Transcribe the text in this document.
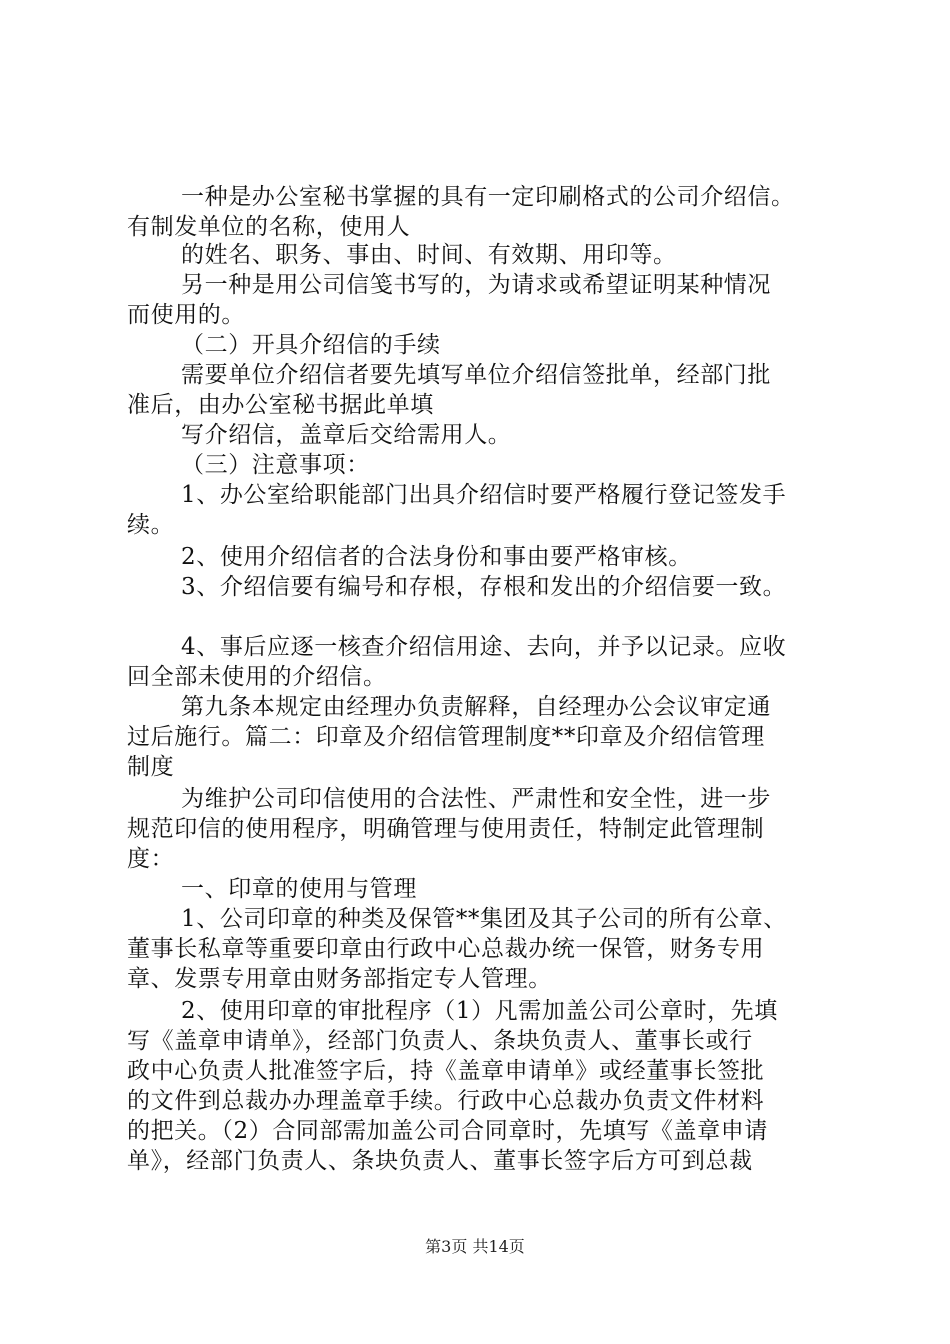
一种是办公室秘书掌握的具有一定印刷格式的公司介绍信。
有制发单位的名称，使用人
的姓名、职务、事由、时间、有效期、用印等。
另一种是用公司信笺书写的，为请求或希望证明某种情况
而使用的。
（二）开具介绍信的手续
需要单位介绍信者要先填写单位介绍信签批单，经部门批
准后，由办公室秘书据此单填
写介绍信，盖章后交给需用人。
（三）注意事项：
1、办公室给职能部门出具介绍信时要严格履行登记签发手
续。
2、使用介绍信者的合法身份和事由要严格审核。
3、介绍信要有编号和存根，存根和发出的介绍信要一致。
4、事后应逐一核查介绍信用途、去向，并予以记录。应收
回全部未使用的介绍信。
第九条本规定由经理办负责解释，自经理办公会议审定通
过后施行。篇二：印章及介绍信管理制度**印章及介绍信管理
制度
为维护公司印信使用的合法性、严肃性和安全性，进一步
规范印信的使用程序，明确管理与使用责任，特制定此管理制
度：
一、印章的使用与管理
1、公司印章的种类及保管**集团及其子公司的所有公章、
董事长私章等重要印章由行政中心总裁办统一保管，财务专用
章、发票专用章由财务部指定专人管理。
2、使用印章的审批程序（1）凡需加盖公司公章时，先填
写《盖章申请单》，经部门负责人、条块负责人、董事长或行
政中心负责人批准签字后，持《盖章申请单》或经董事长签批
的文件到总裁办办理盖章手续。行政中心总裁办负责文件材料
的把关。（2）合同部需加盖公司合同章时，先填写《盖章申请
单》，经部门负责人、条块负责人、董事长签字后方可到总裁
第3页 共14页
